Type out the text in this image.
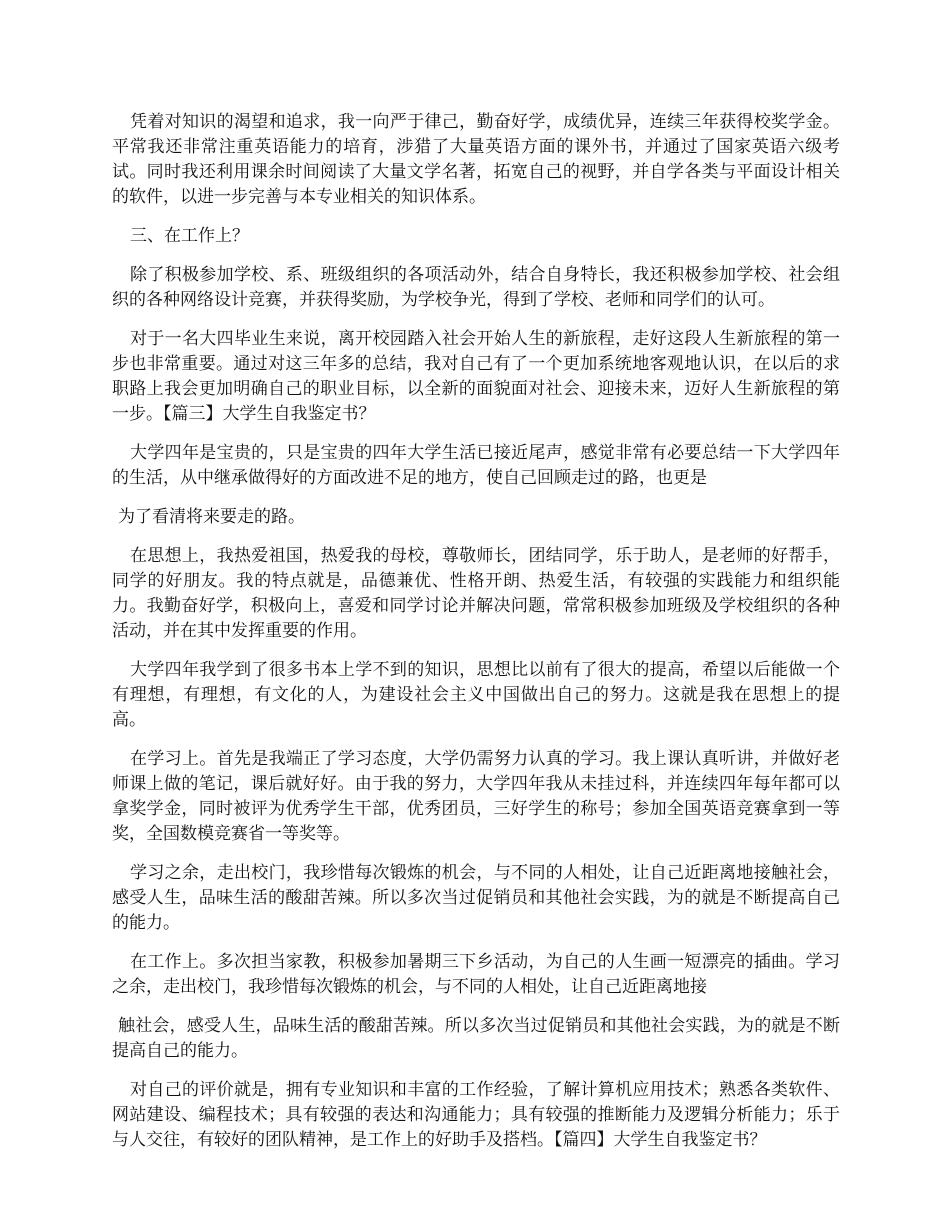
凭着对知识的渴望和追求，我一向严于律己，勤奋好学，成绩优异，连续三年获得校奖学金。平常我还非常注重英语能力的培育，涉猎了大量英语方面的课外书，并通过了国家英语六级考试。同时我还利用课余时间阅读了大量文学名著，拓宽自己的视野，并自学各类与平面设计相关的软件，以进一步完善与本专业相关的知识体系。

三、在工作上？

除了积极参加学校、系、班级组织的各项活动外，结合自身特长，我还积极参加学校、社会组织的各种网络设计竞赛，并获得奖励，为学校争光，得到了学校、老师和同学们的认可。

对于一名大四毕业生来说，离开校园踏入社会开始人生的新旅程，走好这段人生新旅程的第一步也非常重要。通过对这三年多的总结，我对自己有了一个更加系统地客观地认识，在以后的求职路上我会更加明确自己的职业目标，以全新的面貌面对社会、迎接未来，迈好人生新旅程的第一步。【篇三】大学生自我鉴定书？

大学四年是宝贵的，只是宝贵的四年大学生活已接近尾声，感觉非常有必要总结一下大学四年的生活，从中继承做得好的方面改进不足的地方，使自己回顾走过的路，也更是

为了看清将来要走的路。

在思想上，我热爱祖国，热爱我的母校，尊敬师长，团结同学，乐于助人，是老师的好帮手，同学的好朋友。我的特点就是，品德兼优、性格开朗、热爱生活，有较强的实践能力和组织能力。我勤奋好学，积极向上，喜爱和同学讨论并解决问题，常常积极参加班级及学校组织的各种活动，并在其中发挥重要的作用。

大学四年我学到了很多书本上学不到的知识，思想比以前有了很大的提高，希望以后能做一个有理想，有理想，有文化的人，为建设社会主义中国做出自己的努力。这就是我在思想上的提高。

在学习上。首先是我端正了学习态度，大学仍需努力认真的学习。我上课认真听讲，并做好老师课上做的笔记，课后就好好。由于我的努力，大学四年我从未挂过科，并连续四年每年都可以拿奖学金，同时被评为优秀学生干部，优秀团员，三好学生的称号；参加全国英语竞赛拿到一等奖，全国数模竞赛省一等奖等。

学习之余，走出校门，我珍惜每次锻炼的机会，与不同的人相处，让自己近距离地接触社会，感受人生，品味生活的酸甜苦辣。所以多次当过促销员和其他社会实践，为的就是不断提高自己的能力。

在工作上。多次担当家教，积极参加暑期三下乡活动，为自己的人生画一短漂亮的插曲。学习之余，走出校门，我珍惜每次锻炼的机会，与不同的人相处，让自己近距离地接

触社会，感受人生，品味生活的酸甜苦辣。所以多次当过促销员和其他社会实践，为的就是不断提高自己的能力。

对自己的评价就是，拥有专业知识和丰富的工作经验，了解计算机应用技术；熟悉各类软件、网站建设、编程技术；具有较强的表达和沟通能力；具有较强的推断能力及逻辑分析能力；乐于与人交往，有较好的团队精神，是工作上的好助手及搭档。【篇四】大学生自我鉴定书？
